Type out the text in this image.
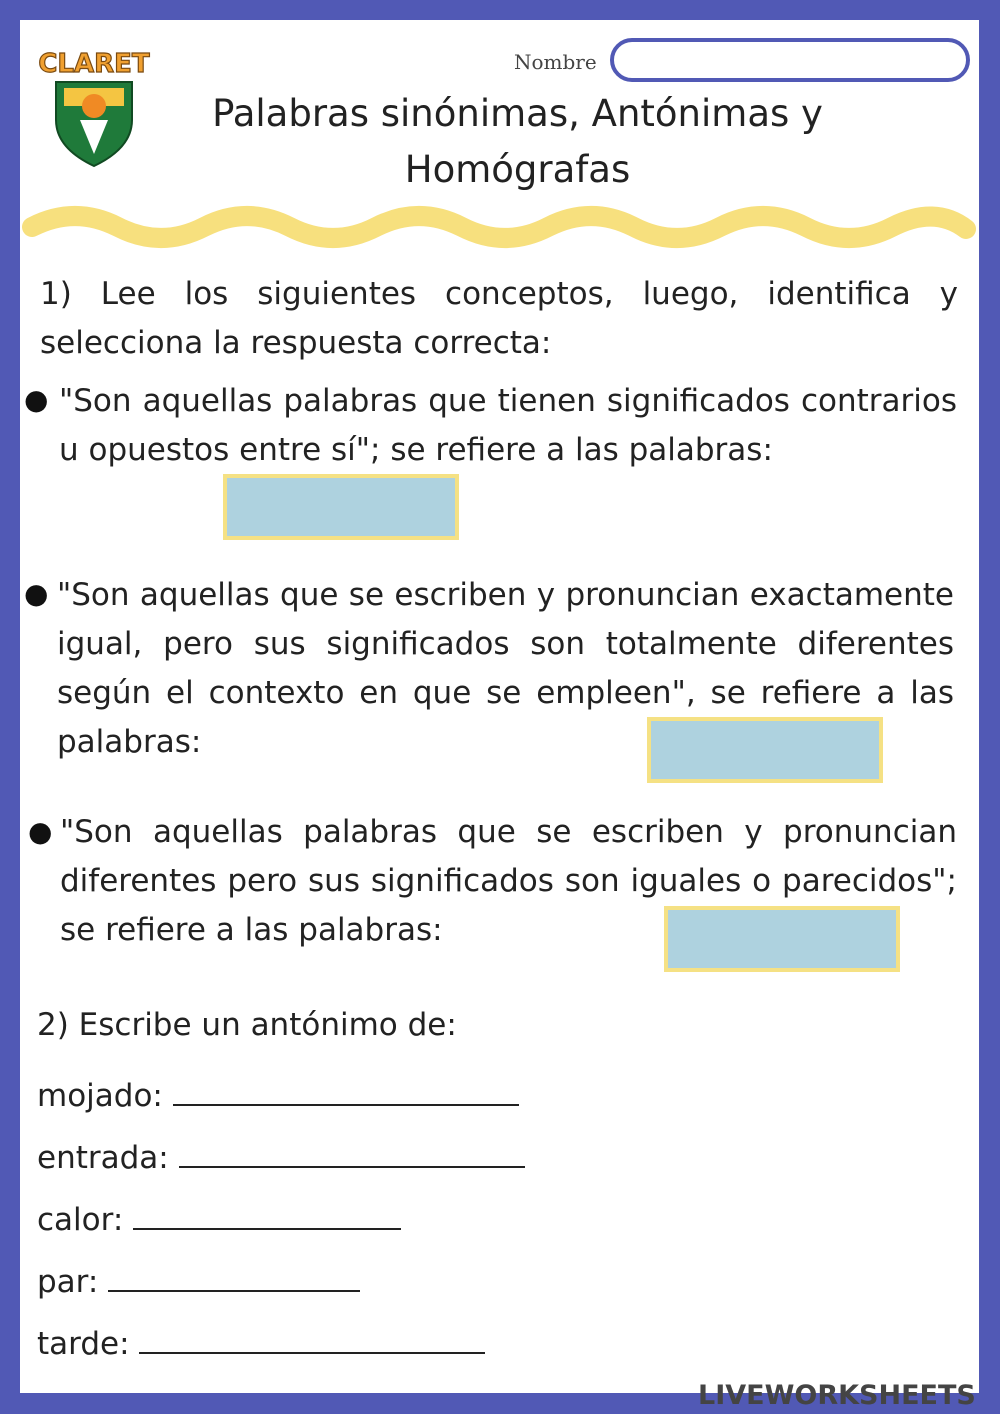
CLARET	Nombre
Palabras sinónimas, Antónimas y
Homógrafas
1) Lee los siguientes conceptos, luego, identifica y selecciona la respuesta correcta:
● "Son aquellas palabras que tienen significados contrarios u opuestos entre sí"; se refiere a las palabras:
● "Son aquellas que se escriben y pronuncian exactamente igual, pero sus significados son totalmente diferentes según el contexto en que se empleen", se refiere a las palabras:
● "Son aquellas palabras que se escriben y pronuncian diferentes pero sus significados son iguales o parecidos"; se refiere a las palabras:
2) Escribe un antónimo de:
mojado:
entrada:
calor:
par:
tarde:
LIVEWORKSHEETS
